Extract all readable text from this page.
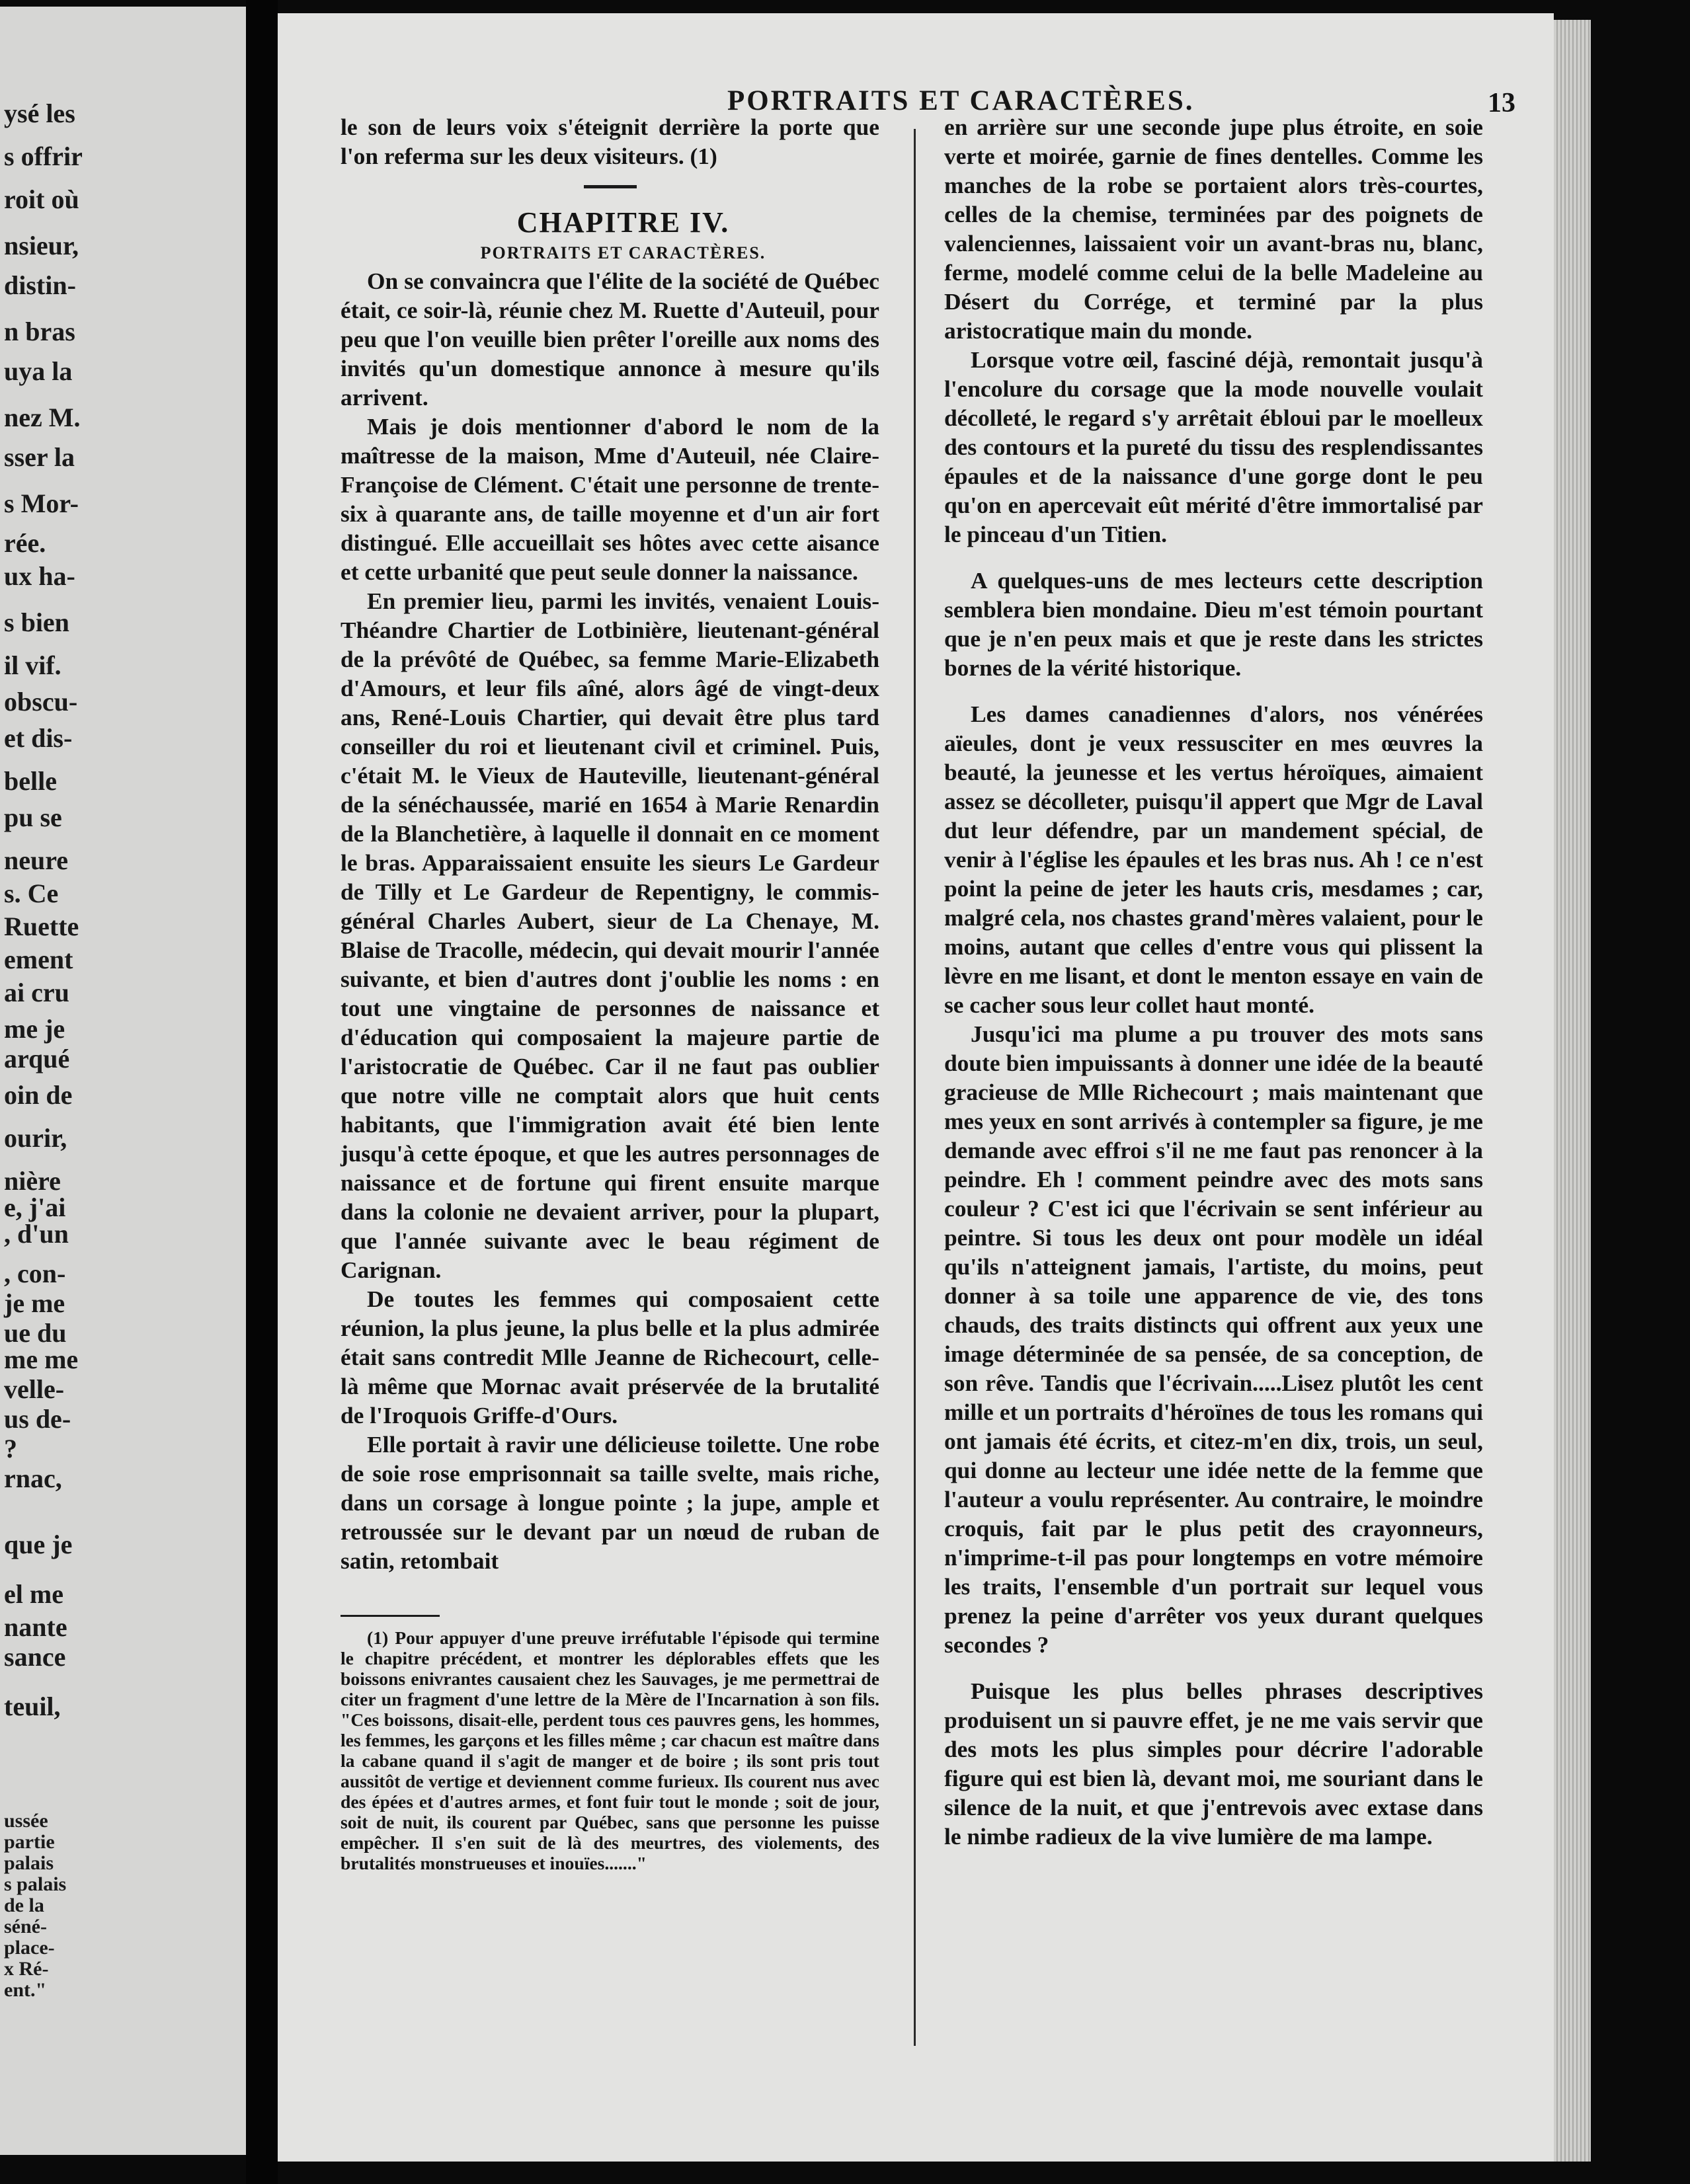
ysé les
s offrir
roit où
nsieur,
distin-
n bras
uya la
nez M.
sser la
s Mor-
rée.
ux ha-
s bien
il vif.
obscu-
et dis-
belle
pu se
neure
s. Ce
Ruette
ement
ai cru
me je
arqué
oin de
ourir,
nière
e, j'ai
, d'un
, con-
je me
ue du
me me
velle-
us de-
?
rnac,
que je
el me
nante
sance
teuil,
ussée
partie
palais
s palais
de la
séné-
place-
x Ré-
ent."
PORTRAITS ET CARACTÈRES.	13

le son de leurs voix s'éteignit derrière la porte que l'on referma sur les deux visiteurs. (1)

CHAPITRE IV.

PORTRAITS ET CARACTÈRES.

On se convaincra que l'élite de la société de Québec était, ce soir-là, réunie chez M. Ruette d'Auteuil, pour peu que l'on veuille bien prêter l'oreille aux noms des invités qu'un domestique annonce à mesure qu'ils arrivent.

Mais je dois mentionner d'abord le nom de la maîtresse de la maison, Mme d'Auteuil, née Claire-Françoise de Clément. C'était une personne de trente-six à quarante ans, de taille moyenne et d'un air fort distingué. Elle accueillait ses hôtes avec cette aisance et cette urbanité que peut seule donner la naissance.

En premier lieu, parmi les invités, venaient Louis-Théandre Chartier de Lotbinière, lieutenant-général de la prévôté de Québec, sa femme Marie-Elizabeth d'Amours, et leur fils aîné, alors âgé de vingt-deux ans, René-Louis Chartier, qui devait être plus tard conseiller du roi et lieutenant civil et criminel. Puis, c'était M. le Vieux de Hauteville, lieutenant-général de la sénéchaussée, marié en 1654 à Marie Renardin de la Blanchetière, à laquelle il donnait en ce moment le bras. Apparaissaient ensuite les sieurs Le Gardeur de Tilly et Le Gardeur de Repentigny, le commis-général Charles Aubert, sieur de La Chenaye, M. Blaise de Tracolle, médecin, qui devait mourir l'année suivante, et bien d'autres dont j'oublie les noms : en tout une vingtaine de personnes de naissance et d'éducation qui composaient la majeure partie de l'aristocratie de Québec. Car il ne faut pas oublier que notre ville ne comptait alors que huit cents habitants, que l'immigration avait été bien lente jusqu'à cette époque, et que les autres personnages de naissance et de fortune qui firent ensuite marque dans la colonie ne devaient arriver, pour la plupart, que l'année suivante avec le beau régiment de Carignan.

De toutes les femmes qui composaient cette réunion, la plus jeune, la plus belle et la plus admirée était sans contredit Mlle Jeanne de Richecourt, celle-là même que Mornac avait préservée de la brutalité de l'Iroquois Griffe-d'Ours.

Elle portait à ravir une délicieuse toilette. Une robe de soie rose emprisonnait sa taille svelte, mais riche, dans un corsage à longue pointe ; la jupe, ample et retroussée sur le devant par un nœud de ruban de satin, retombait

(1) Pour appuyer d'une preuve irréfutable l'épisode qui termine le chapitre précédent, et montrer les déplorables effets que les boissons enivrantes causaient chez les Sauvages, je me permettrai de citer un fragment d'une lettre de la Mère de l'Incarnation à son fils. "Ces boissons, disait-elle, perdent tous ces pauvres gens, les hommes, les femmes, les garçons et les filles même ; car chacun est maître dans la cabane quand il s'agit de manger et de boire ; ils sont pris tout aussitôt de vertige et deviennent comme furieux. Ils courent nus avec des épées et d'autres armes, et font fuir tout le monde ; soit de jour, soit de nuit, ils courent par Québec, sans que personne les puisse empêcher. Il s'en suit de là des meurtres, des violements, des brutalités monstrueuses et inouïes......."

en arrière sur une seconde jupe plus étroite, en soie verte et moirée, garnie de fines dentelles. Comme les manches de la robe se portaient alors très-courtes, celles de la chemise, terminées par des poignets de valenciennes, laissaient voir un avant-bras nu, blanc, ferme, modelé comme celui de la belle Madeleine au Désert du Corrége, et terminé par la plus aristocratique main du monde.

Lorsque votre œil, fasciné déjà, remontait jusqu'à l'encolure du corsage que la mode nouvelle voulait décolleté, le regard s'y arrêtait ébloui par le moelleux des contours et la pureté du tissu des resplendissantes épaules et de la naissance d'une gorge dont le peu qu'on en apercevait eût mérité d'être immortalisé par le pinceau d'un Titien.

A quelques-uns de mes lecteurs cette description semblera bien mondaine. Dieu m'est témoin pourtant que je n'en peux mais et que je reste dans les strictes bornes de la vérité historique.

Les dames canadiennes d'alors, nos vénérées aïeules, dont je veux ressusciter en mes œuvres la beauté, la jeunesse et les vertus héroïques, aimaient assez se décolleter, puisqu'il appert que Mgr de Laval dut leur défendre, par un mandement spécial, de venir à l'église les épaules et les bras nus. Ah ! ce n'est point la peine de jeter les hauts cris, mesdames ; car, malgré cela, nos chastes grand'mères valaient, pour le moins, autant que celles d'entre vous qui plissent la lèvre en me lisant, et dont le menton essaye en vain de se cacher sous leur collet haut monté.

Jusqu'ici ma plume a pu trouver des mots sans doute bien impuissants à donner une idée de la beauté gracieuse de Mlle Richecourt ; mais maintenant que mes yeux en sont arrivés à contempler sa figure, je me demande avec effroi s'il ne me faut pas renoncer à la peindre. Eh ! comment peindre avec des mots sans couleur ? C'est ici que l'écrivain se sent inférieur au peintre. Si tous les deux ont pour modèle un idéal qu'ils n'atteignent jamais, l'artiste, du moins, peut donner à sa toile une apparence de vie, des tons chauds, des traits distincts qui offrent aux yeux une image déterminée de sa pensée, de sa conception, de son rêve. Tandis que l'écrivain.....Lisez plutôt les cent mille et un portraits d'héroïnes de tous les romans qui ont jamais été écrits, et citez-m'en dix, trois, un seul, qui donne au lecteur une idée nette de la femme que l'auteur a voulu représenter. Au contraire, le moindre croquis, fait par le plus petit des crayonneurs, n'imprime-t-il pas pour longtemps en votre mémoire les traits, l'ensemble d'un portrait sur lequel vous prenez la peine d'arrêter vos yeux durant quelques secondes ?

Puisque les plus belles phrases descriptives produisent un si pauvre effet, je ne me vais servir que des mots les plus simples pour décrire l'adorable figure qui est bien là, devant moi, me souriant dans le silence de la nuit, et que j'entrevois avec extase dans le nimbe radieux de la vive lumière de ma lampe.
